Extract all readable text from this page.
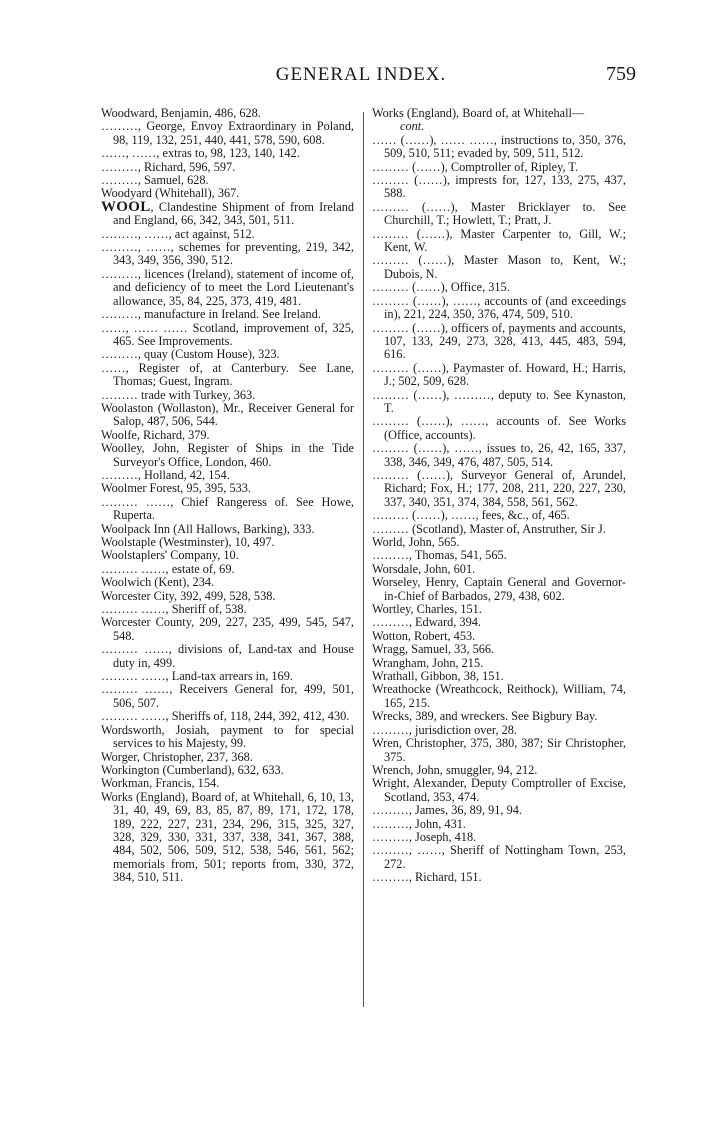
GENERAL INDEX.	759

Woodward, Benjamin, 486, 628.

………, George, Envoy Extraordinary in Poland, 98, 119, 132, 251, 440, 441, 578, 590, 608.

……, ……, extras to, 98, 123, 140, 142.

………, Richard, 596, 597.

………, Samuel, 628.

Woodyard (Whitehall), 367.

WOOL, Clandestine Shipment of from Ireland and England, 66, 342, 343, 501, 511.

………, ……, act against, 512.

………, ……, schemes for preventing, 219, 342, 343, 349, 356, 390, 512.

………, licences (Ireland), statement of income of, and deficiency of to meet the Lord Lieutenant's allowance, 35, 84, 225, 373, 419, 481.

………, manufacture in Ireland. See Ireland.

……, …… …… Scotland, improvement of, 325, 465. See Improvements.

………, quay (Custom House), 323.

……, Register of, at Canterbury. See Lane, Thomas; Guest, Ingram.

……… trade with Turkey, 363.

Woolaston (Wollaston), Mr., Receiver General for Salop, 487, 506, 544.

Woolfe, Richard, 379.

Woolley, John, Register of Ships in the Tide Surveyor's Office, London, 460.

………, Holland, 42, 154.

Woolmer Forest, 95, 395, 533.

……… ……, Chief Rangeress of. See Howe, Ruperta.

Woolpack Inn (All Hallows, Barking), 333.

Woolstaple (Westminster), 10, 497.

Woolstaplers' Company, 10.

……… ……, estate of, 69.

Woolwich (Kent), 234.

Worcester City, 392, 499, 528, 538.

……… ……, Sheriff of, 538.

Worcester County, 209, 227, 235, 499, 545, 547, 548.

……… ……, divisions of, Land-tax and House duty in, 499.

……… ……, Land-tax arrears in, 169.

……… ……, Receivers General for, 499, 501, 506, 507.

……… ……, Sheriffs of, 118, 244, 392, 412, 430.

Wordsworth, Josiah, payment to for special services to his Majesty, 99.

Worger, Christopher, 237, 368.

Workington (Cumberland), 632, 633.

Workman, Francis, 154.

Works (England), Board of, at Whitehall, 6, 10, 13, 31, 40, 49, 69, 83, 85, 87, 89, 171, 172, 178, 189, 222, 227, 231, 234, 296, 315, 325, 327, 328, 329, 330, 331, 337, 338, 341, 367, 388, 484, 502, 506, 509, 512, 538, 546, 561, 562; memorials from, 501; reports from, 330, 372, 384, 510, 511.

Works (England), Board of, at Whitehall—

cont.

…… (……), …… ……, instructions to, 350, 376, 509, 510, 511; evaded by, 509, 511, 512.

……… (……), Comptroller of, Ripley, T.

……… (……), imprests for, 127, 133, 275, 437, 588.

……… (……), Master Bricklayer to. See Churchill, T.; Howlett, T.; Pratt, J.

……… (……), Master Carpenter to, Gill, W.; Kent, W.

……… (……), Master Mason to, Kent, W.; Dubois, N.

……… (……), Office, 315.

……… (……), ……, accounts of (and exceedings in), 221, 224, 350, 376, 474, 509, 510.

……… (……), officers of, payments and accounts, 107, 133, 249, 273, 328, 413, 445, 483, 594, 616.

……… (……), Paymaster of. Howard, H.; Harris, J.; 502, 509, 628.

……… (……), ………, deputy to. See Kynaston, T.

……… (……), ……, accounts of. See Works (Office, accounts).

……… (……), ……, issues to, 26, 42, 165, 337, 338, 346, 349, 476, 487, 505, 514.

……… (……), Surveyor General of, Arundel, Richard; Fox, H.; 177, 208, 211, 220, 227, 230, 337, 340, 351, 374, 384, 558, 561, 562.

……… (……), ……, fees, &c., of, 465.

……… (Scotland), Master of, Anstruther, Sir J.

World, John, 565.

………, Thomas, 541, 565.

Worsdale, John, 601.

Worseley, Henry, Captain General and Governor-in-Chief of Barbados, 279, 438, 602.

Wortley, Charles, 151.

………, Edward, 394.

Wotton, Robert, 453.

Wragg, Samuel, 33, 566.

Wrangham, John, 215.

Wrathall, Gibbon, 38, 151.

Wreathocke (Wreathcock, Reithock), William, 74, 165, 215.

Wrecks, 389, and wreckers. See Bigbury Bay.

………, jurisdiction over, 28.

Wren, Christopher, 375, 380, 387; Sir Christopher, 375.

Wrench, John, smuggler, 94, 212.

Wright, Alexander, Deputy Comptroller of Excise, Scotland, 353, 474.

………, James, 36, 89, 91, 94.

………, John, 431.

………, Joseph, 418.

………, ……, Sheriff of Nottingham Town, 253, 272.

………, Richard, 151.
